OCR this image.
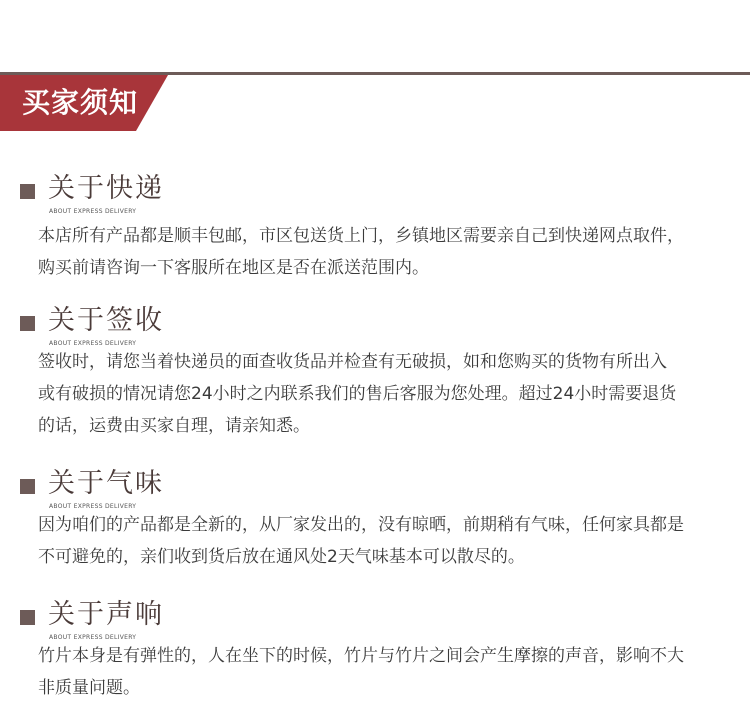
买家须知
关于快递
ABOUT EXPRESS DELIVERY

本店所有产品都是顺丰包邮，市区包送货上门，乡镇地区需要亲自己到快递网点取件，

购买前请咨询一下客服所在地区是否在派送范围内。

关于签收
ABOUT EXPRESS DELIVERY

签收时，请您当着快递员的面查收货品并检查有无破损，如和您购买的货物有所出入

或有破损的情况请您24小时之内联系我们的售后客服为您处理。超过24小时需要退货

的话，运费由买家自理，请亲知悉。

关于气味
ABOUT EXPRESS DELIVERY

因为咱们的产品都是全新的，从厂家发出的，没有晾晒，前期稍有气味，任何家具都是

不可避免的，亲们收到货后放在通风处2天气味基本可以散尽的。

关于声响
ABOUT EXPRESS DELIVERY

竹片本身是有弹性的，人在坐下的时候，竹片与竹片之间会产生摩擦的声音，影响不大

非质量问题。
